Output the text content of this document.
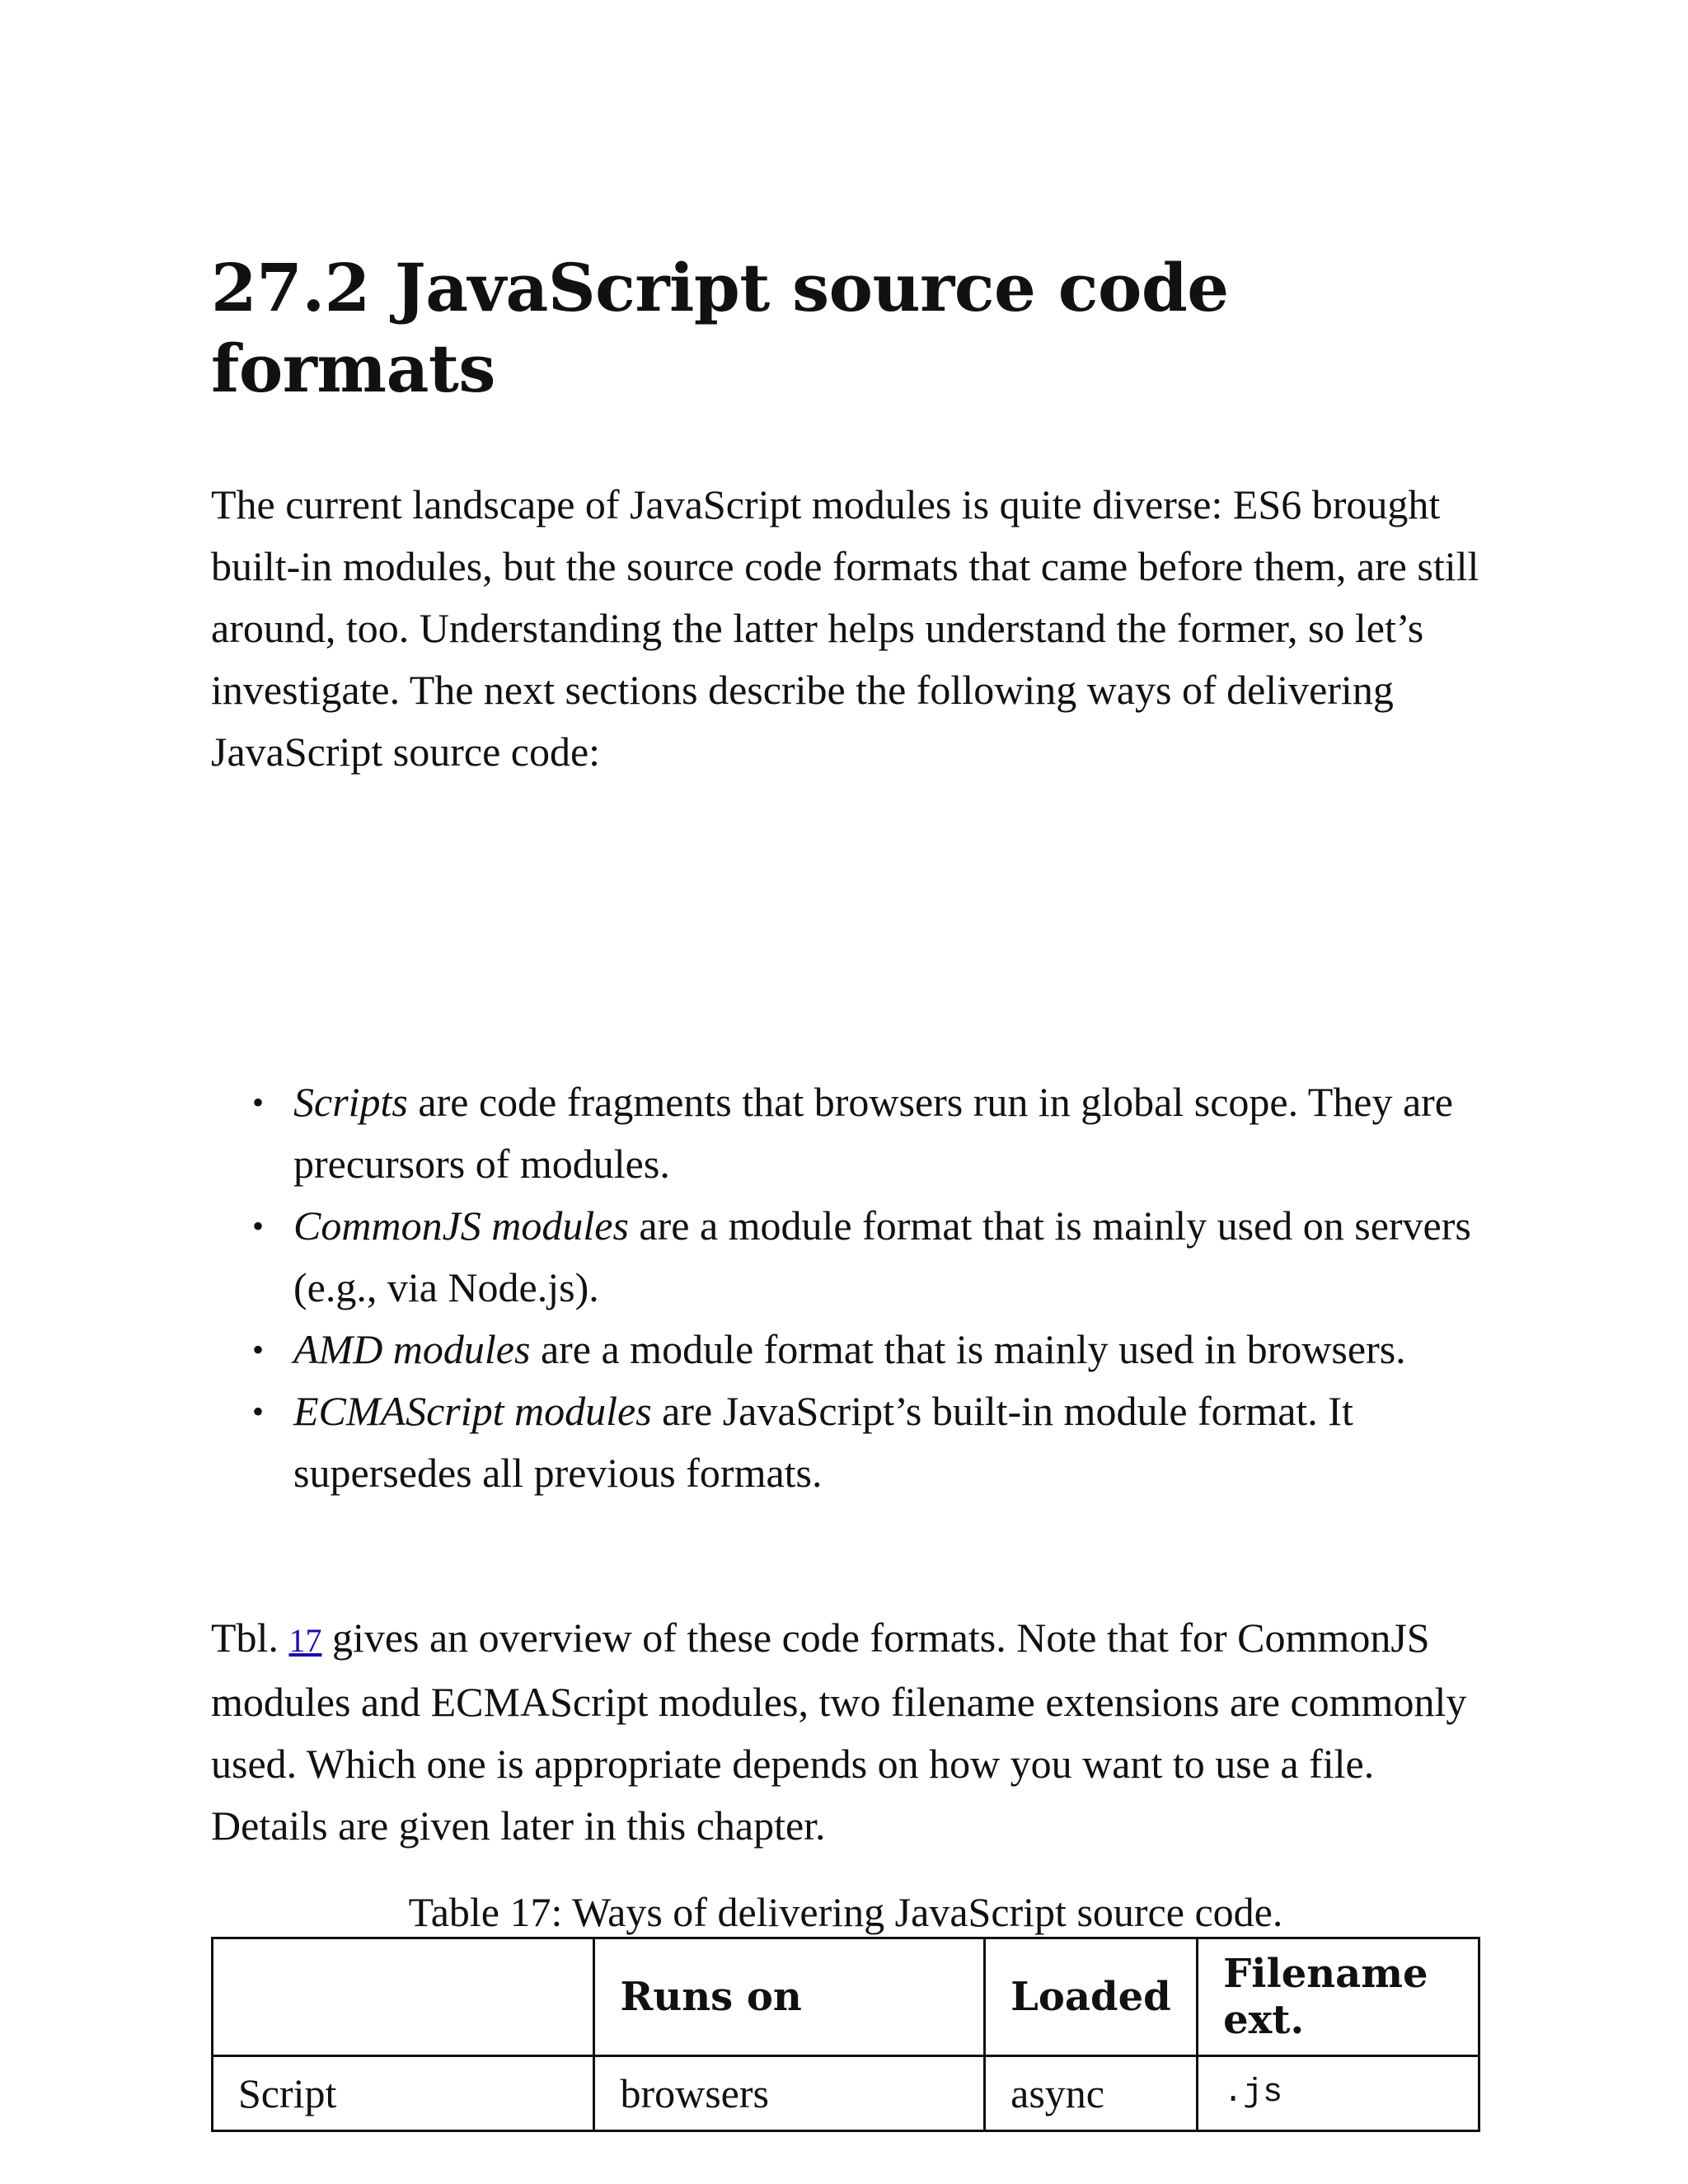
27.2 JavaScript source code formats

The current landscape of JavaScript modules is quite diverse: ES6 brought built-in modules, but the source code formats that came before them, are still around, too. Understanding the latter helps understand the former, so let’s investigate. The next sections describe the following ways of delivering JavaScript source code:

• Scripts are code fragments that browsers run in global scope. They are precursors of modules.
• CommonJS modules are a module format that is mainly used on servers (e.g., via Node.js).
• AMD modules are a module format that is mainly used in browsers.
• ECMAScript modules are JavaScript’s built-in module format. It supersedes all previous formats.

Tbl. 17 gives an overview of these code formats. Note that for CommonJS modules and ECMAScript modules, two filename extensions are commonly used. Which one is appropriate depends on how you want to use a file. Details are given later in this chapter.

Table 17: Ways of delivering JavaScript source code.
	Runs on	Loaded	Filename ext.
Script	browsers	async	.js
